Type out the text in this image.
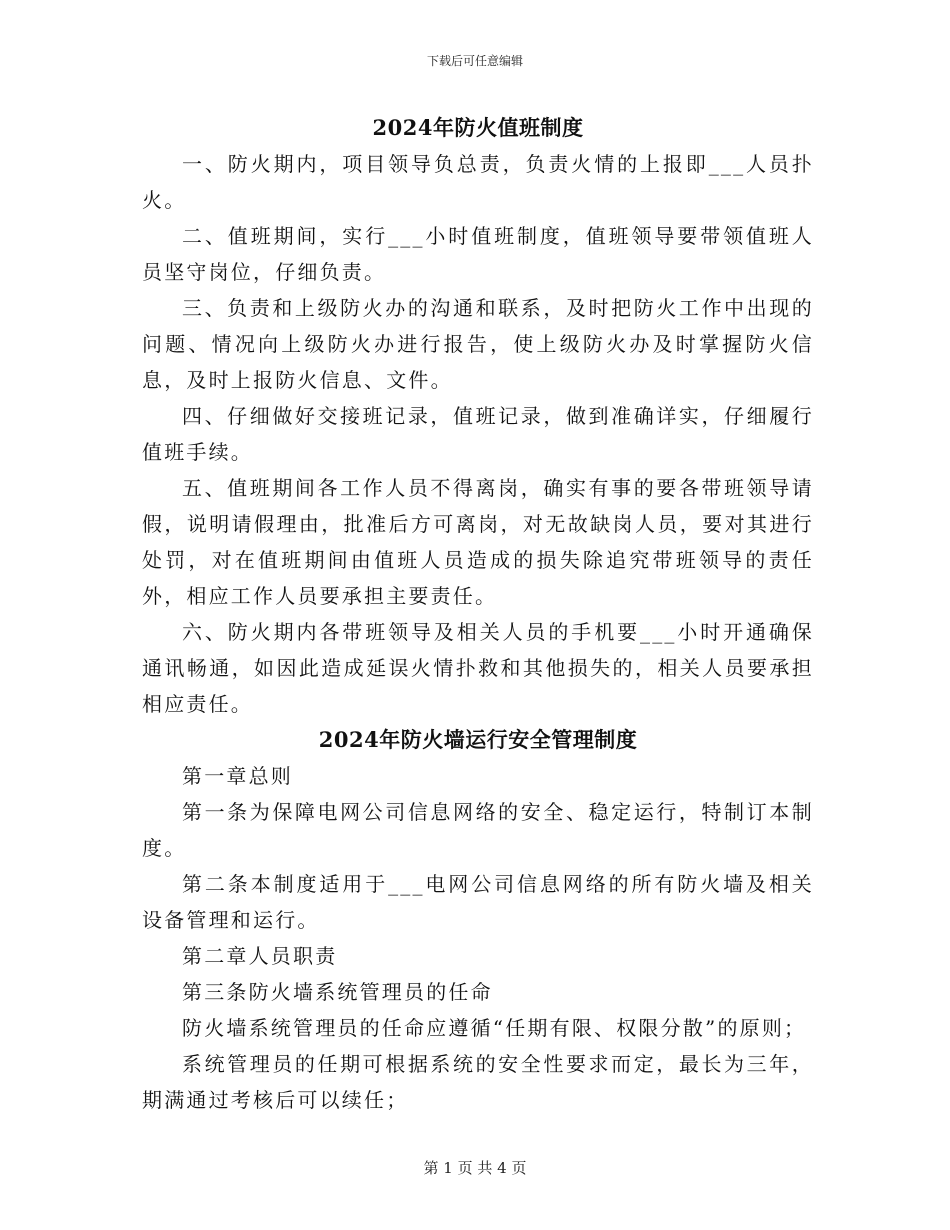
下载后可任意编辑
2024年防火值班制度

一、防火期内，项目领导负总责，负责火情的上报即___人员扑火。

二、值班期间，实行___小时值班制度，值班领导要带领值班人员坚守岗位，仔细负责。

三、负责和上级防火办的沟通和联系，及时把防火工作中出现的问题、情况向上级防火办进行报告，使上级防火办及时掌握防火信息，及时上报防火信息、文件。

四、仔细做好交接班记录，值班记录，做到准确详实，仔细履行值班手续。

五、值班期间各工作人员不得离岗，确实有事的要各带班领导请假，说明请假理由，批准后方可离岗，对无故缺岗人员，要对其进行处罚，对在值班期间由值班人员造成的损失除追究带班领导的责任外，相应工作人员要承担主要责任。

六、防火期内各带班领导及相关人员的手机要___小时开通确保通讯畅通，如因此造成延误火情扑救和其他损失的，相关人员要承担相应责任。

2024年防火墙运行安全管理制度

第一章总则

第一条为保障电网公司信息网络的安全、稳定运行，特制订本制度。

第二条本制度适用于___电网公司信息网络的所有防火墙及相关设备管理和运行。

第二章人员职责

第三条防火墙系统管理员的任命

防火墙系统管理员的任命应遵循“任期有限、权限分散”的原则；

系统管理员的任期可根据系统的安全性要求而定，最长为三年，期满通过考核后可以续任；

第 1 页 共 4 页
